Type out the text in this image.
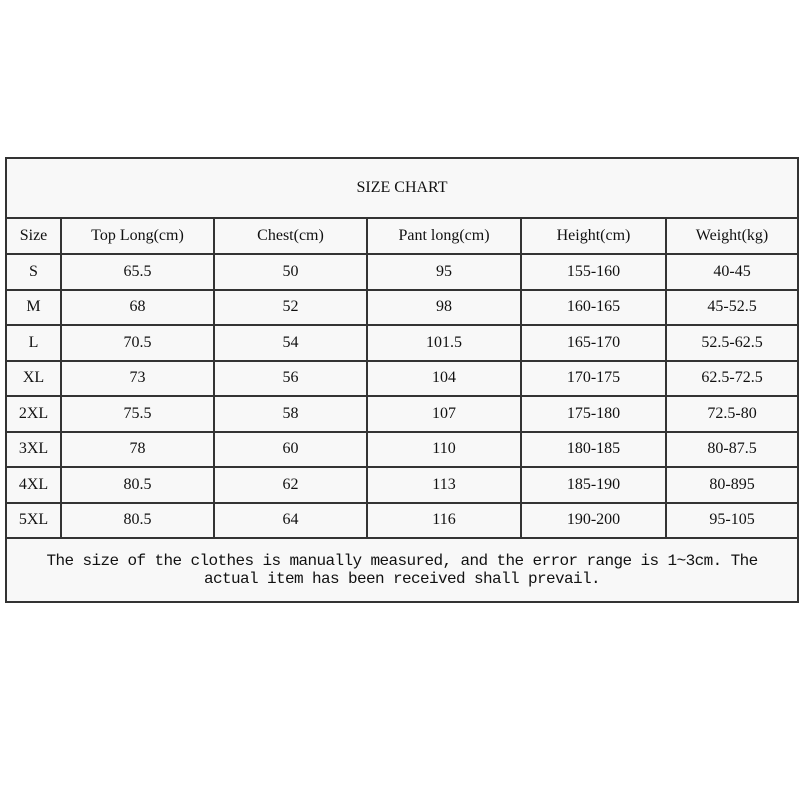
SIZE CHART					
Size	Top Long(cm)	Chest(cm)	Pant long(cm)	Height(cm)	Weight(kg)
S	65.5	50	95	155-160	40-45
M	68	52	98	160-165	45-52.5
L	70.5	54	101.5	165-170	52.5-62.5
XL	73	56	104	170-175	62.5-72.5
2XL	75.5	58	107	175-180	72.5-80
3XL	78	60	110	180-185	80-87.5
4XL	80.5	62	113	185-190	80-895
5XL	80.5	64	116	190-200	95-105
The size of the clothes is manually measured, and the error range is 1~3cm. The actual item has been received shall prevail.					
